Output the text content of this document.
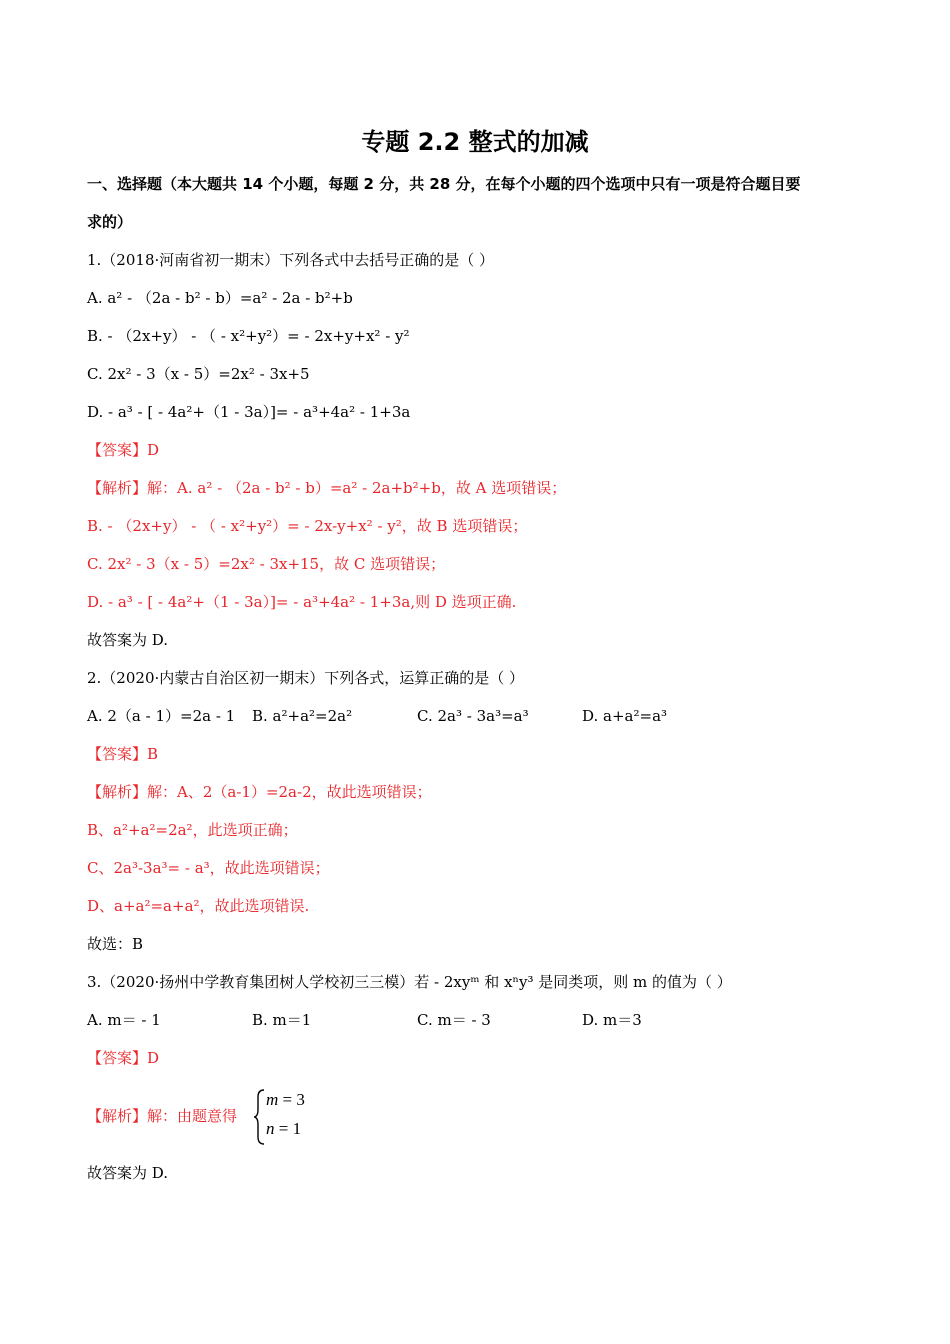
专题 2.2 整式的加减
一、选择题（本大题共 14 个小题，每题 2 分，共 28 分，在每个小题的四个选项中只有一项是符合题目要
求的）
1.（2018·河南省初一期末）下列各式中去括号正确的是（ ）
A. a² - （2a - b² - b）=a² - 2a - b²+b
B. - （2x+y） - （ - x²+y²）= - 2x+y+x² - y²
C. 2x² - 3（x - 5）=2x² - 3x+5
D. - a³ - [ - 4a²+（1 - 3a）]= - a³+4a² - 1+3a
【答案】D
【解析】解：A. a² - （2a - b² - b）=a² - 2a+b²+b，故 A 选项错误；
B. - （2x+y） - （ - x²+y²）= - 2x-y+x² - y²，故 B 选项错误；
C. 2x² - 3（x - 5）=2x² - 3x+15，故 C 选项错误；
D. - a³ - [ - 4a²+（1 - 3a）]= - a³+4a² - 1+3a,则 D 选项正确.
故答案为 D.
2.（2020·内蒙古自治区初一期末）下列各式，运算正确的是（ ）
A. 2（a - 1）=2a - 1 B. a²+a²=2a²	C. 2a³ - 3a³=a³	D. a+a²=a³
【答案】B
【解析】解：A、2（a-1）=2a-2，故此选项错误；
B、a²+a²=2a²，此选项正确；
C、2a³-3a³= - a³，故此选项错误；
D、a+a²=a+a²，故此选项错误.
故选：B
3.（2020·扬州中学教育集团树人学校初三三模）若 - 2xyᵐ 和 xⁿy³ 是同类项，则 m 的值为（ ）
A. m＝ - 1	B. m＝1	C. m＝ - 3	D. m＝3
【答案】D
【解析】解：由题意得
m = 3
n = 1
故答案为 D.
